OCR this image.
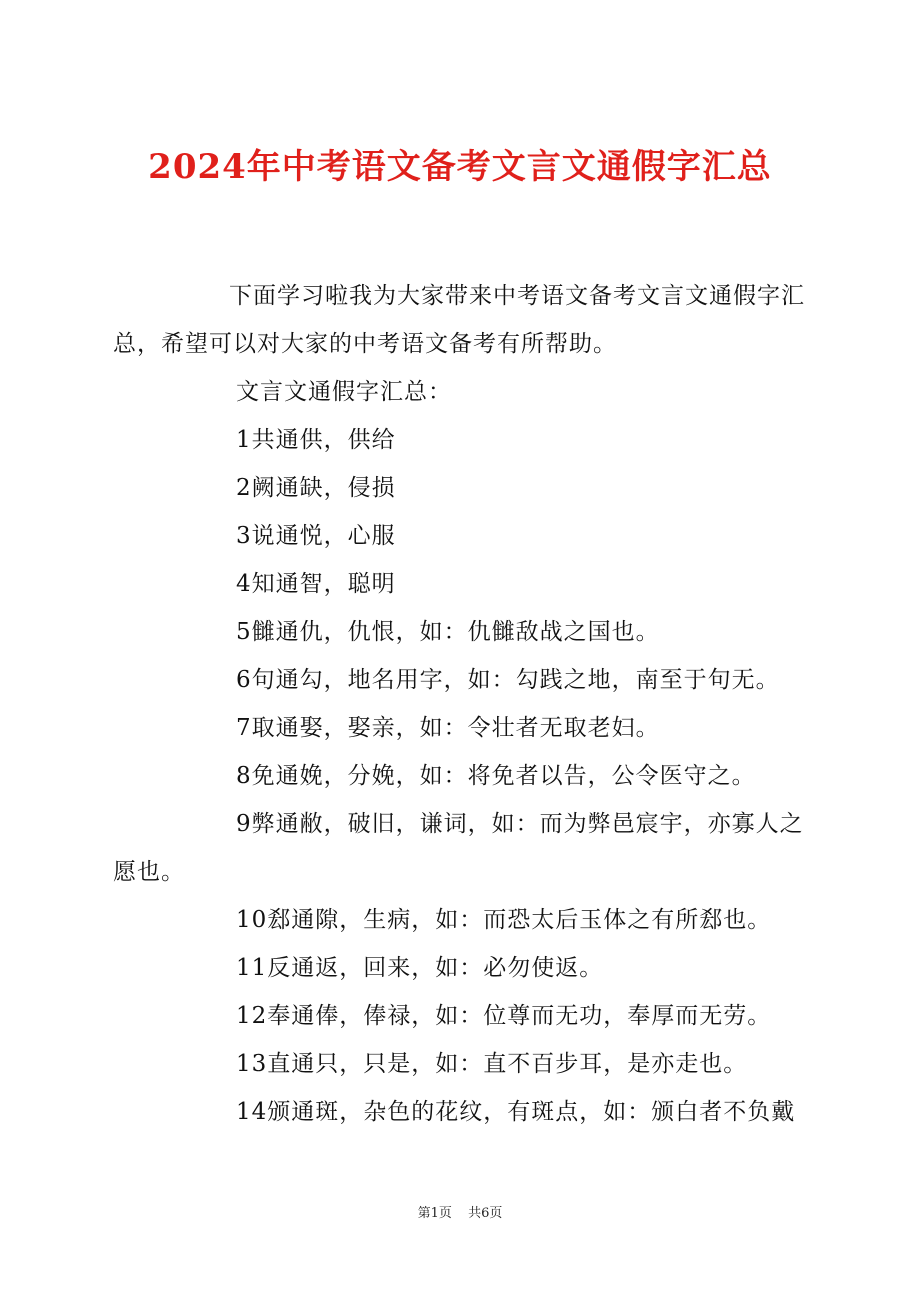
2024年中考语文备考文言文通假字汇总

下面学习啦我为大家带来中考语文备考文言文通假字汇总，希望可以对大家的中考语文备考有所帮助。

文言文通假字汇总：

1共通供，供给

2阙通缺，侵损

3说通悦，心服

4知通智，聪明

5雠通仇，仇恨，如：仇雠敌战之国也。

6句通勾，地名用字，如：勾践之地，南至于句无。

7取通娶，娶亲，如：令壮者无取老妇。

8免通娩，分娩，如：将免者以告，公令医守之。

9弊通敝，破旧，谦词，如：而为弊邑宸宇，亦寡人之愿也。

10郄通隙，生病，如：而恐太后玉体之有所郄也。

11反通返，回来，如：必勿使返。

12奉通俸，俸禄，如：位尊而无功，奉厚而无劳。

13直通只，只是，如：直不百步耳，是亦走也。

14颁通斑，杂色的花纹，有斑点，如：颁白者不负戴

第1页 共6页
